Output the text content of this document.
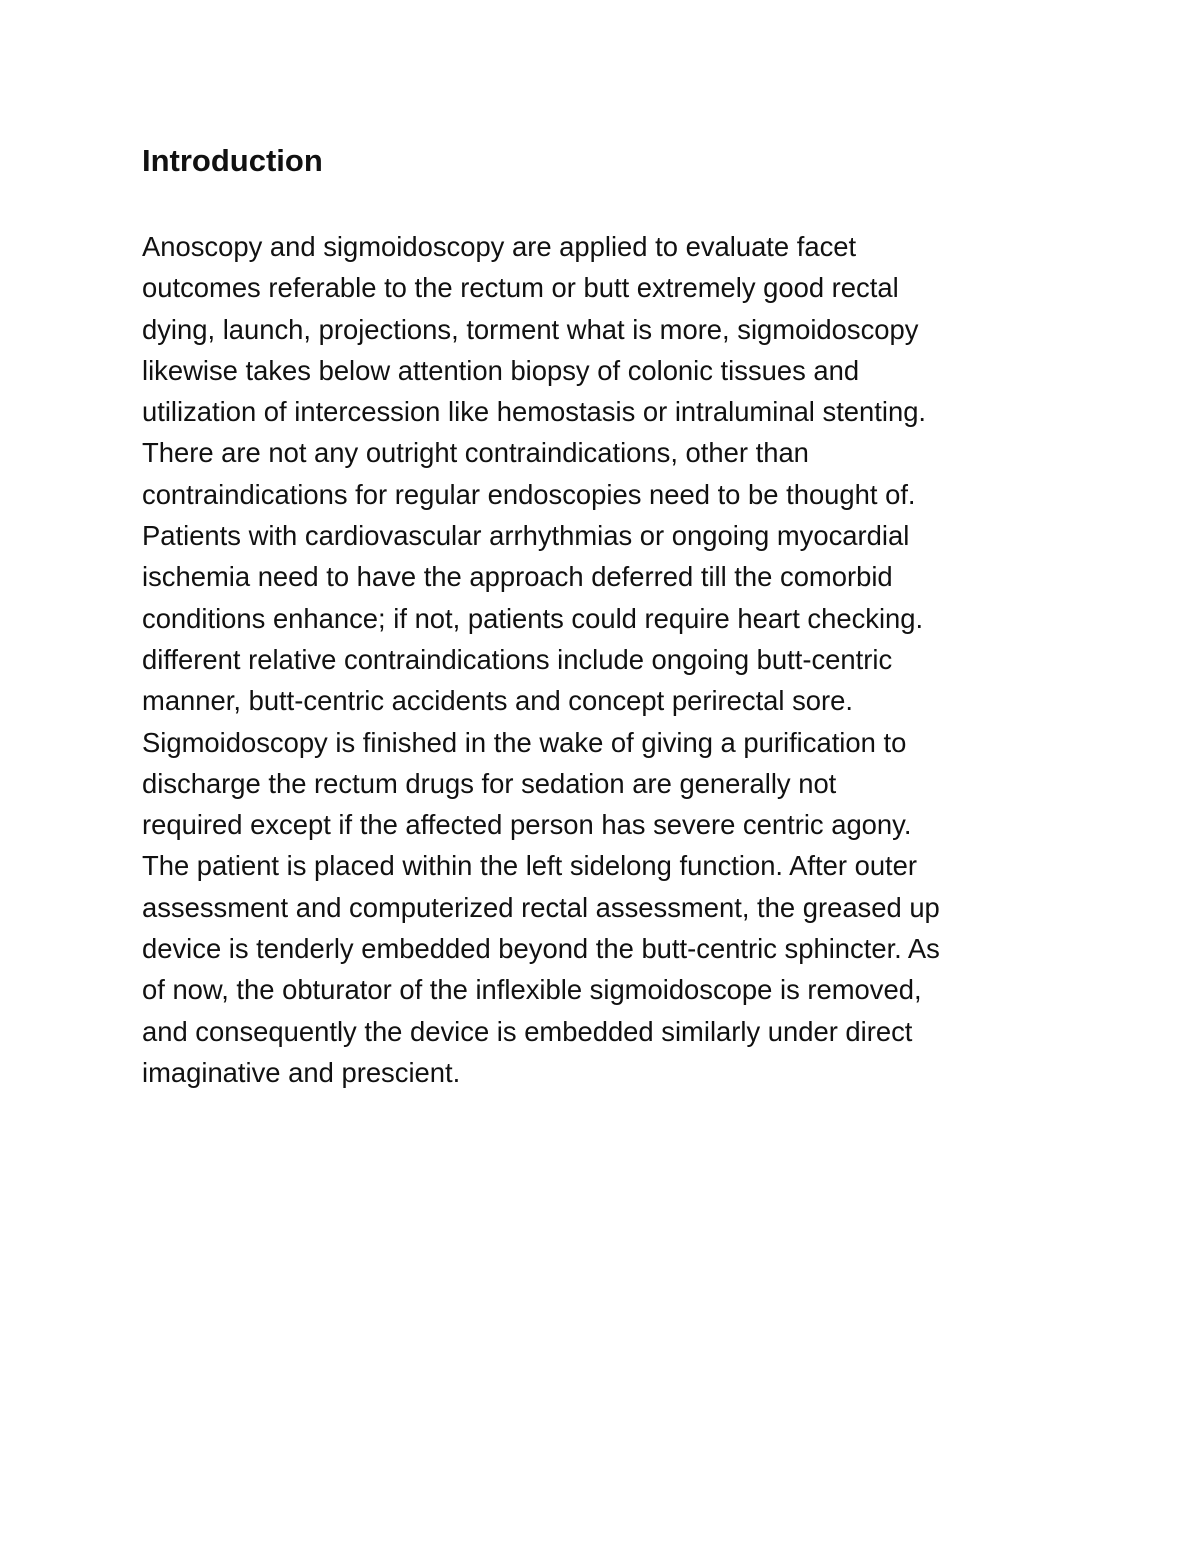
Introduction
Anoscopy and sigmoidoscopy are applied to evaluate facet
outcomes referable to the rectum or butt extremely good rectal
dying, launch, projections, torment what is more, sigmoidoscopy
likewise takes below attention biopsy of colonic tissues and
utilization of intercession like hemostasis or intraluminal stenting.
There are not any outright contraindications, other than
contraindications for regular endoscopies need to be thought of.
Patients with cardiovascular arrhythmias or ongoing myocardial
ischemia need to have the approach deferred till the comorbid
conditions enhance; if not, patients could require heart checking.
different relative contraindications include ongoing butt-centric
manner, butt-centric accidents and concept perirectal sore.
Sigmoidoscopy is finished in the wake of giving a purification to
discharge the rectum drugs for sedation are generally not
required except if the affected person has severe centric agony.
The patient is placed within the left sidelong function. After outer
assessment and computerized rectal assessment, the greased up
device is tenderly embedded beyond the butt-centric sphincter. As
of now, the obturator of the inflexible sigmoidoscope is removed,
and consequently the device is embedded similarly under direct
imaginative and prescient.
